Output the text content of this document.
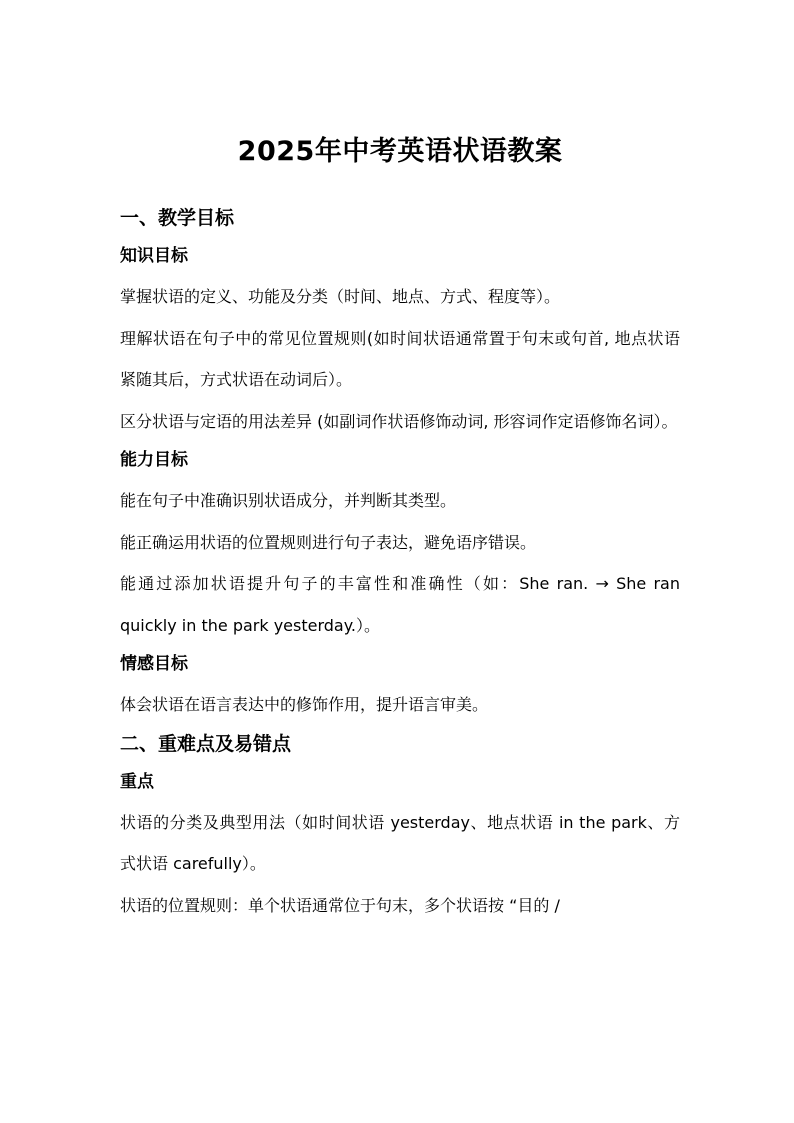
2025年中考英语状语教案
一、教学目标
知识目标

掌握状语的定义、功能及分类（时间、地点、方式、程度等）。

理解状语在句子中的常见位置规则(如时间状语通常置于句末或句首, 地点状语紧随其后，方式状语在动词后）。

区分状语与定语的用法差异 (如副词作状语修饰动词, 形容词作定语修饰名词）。

能力目标

能在句子中准确识别状语成分，并判断其类型。

能正确运用状语的位置规则进行句子表达，避免语序错误。

能通过添加状语提升句子的丰富性和准确性（如：She ran. → She ran quickly in the park yesterday.）。

情感目标

体会状语在语言表达中的修饰作用，提升语言审美。

二、重难点及易错点
重点

状语的分类及典型用法（如时间状语 yesterday、地点状语 in the park、方式状语 carefully）。

状语的位置规则：单个状语通常位于句末，多个状语按 “目的 /
